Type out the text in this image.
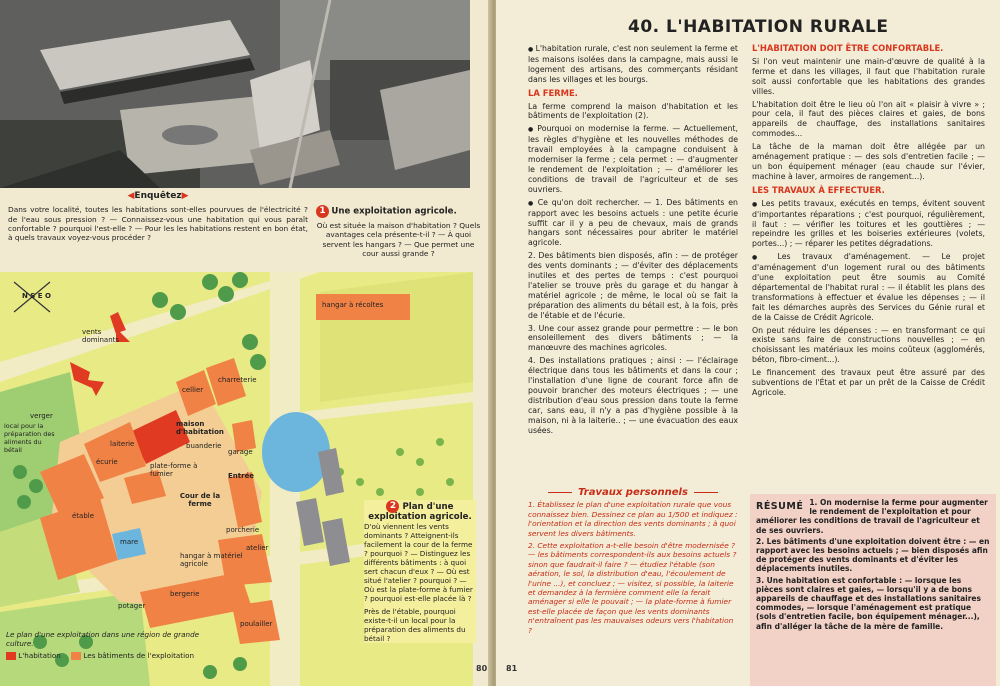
◀Enquêtez▶

Dans votre localité, toutes les habitations sont-elles pourvues de l'électricité ? de l'eau sous pression ? — Connaissez-vous une habitation qui vous paraît confortable ? pourquoi l'est-elle ? — Pour les les habitations restent en bon état, à quels travaux voyez-vous procéder ?

1 Une exploitation agricole.

Où est située la maison d'habitation ? Quels avantages cela présente-t-il ? — À quoi servent les hangars ? — Que permet une cour aussi grande ?

N S E O
vents dominants
hangar à récoltes
cellier
charreterie
maison d'habitation
buanderie
laiterie
écurie
local pour la préparation des aliments du bétail
plate-forme à fumier
garage
Entrée
Cour de la ferme
étable
porcherie
atelier
mare
hangar à matériel agricole
potager
bergerie
poulailler
verger
2 Plan d'une exploitation agricole.
D'où viennent les vents dominants ? Atteignent-ils facilement la cour de la ferme ? pourquoi ? — Distinguez les différents bâtiments : à quoi sert chacun d'eux ? — Où est situé l'atelier ? pourquoi ? — Où est la plate-forme à fumier ? pourquoi est-elle placée là ?
Près de l'étable, pourquoi existe-t-il un local pour la préparation des aliments du bétail ?
Le plan d'une exploitation dans une région de grande culture.
L'habitation	Les bâtiments de l'exploitation
80
40. L'HABITATION RURALE

● L'habitation rurale, c'est non seulement la ferme et les maisons isolées dans la campagne, mais aussi le logement des artisans, des commerçants résidant dans les villages et les bourgs.

LA FERME.

La ferme comprend la maison d'habitation et les bâtiments de l'exploitation (2).

● Pourquoi on modernise la ferme. — Actuellement, les règles d'hygiène et les nouvelles méthodes de travail employées à la campagne conduisent à moderniser la ferme ; cela permet : — d'augmenter le rendement de l'exploitation ; — d'améliorer les conditions de travail de l'agriculteur et de ses ouvriers.

● Ce qu'on doit rechercher. — 1. Des bâtiments en rapport avec les besoins actuels : une petite écurie suffit car il y a peu de chevaux, mais de grands hangars sont nécessaires pour abriter le matériel agricole.

2. Des bâtiments bien disposés, afin : — de protéger des vents dominants ; — d'éviter des déplacements inutiles et des pertes de temps : c'est pourquoi l'atelier se trouve près du garage et du hangar à matériel agricole ; de même, le local où se fait la préparation des aliments du bétail est, à la fois, près de l'étable et de l'écurie.

3. Une cour assez grande pour permettre : — le bon ensoleillement des divers bâtiments ; — la manœuvre des machines agricoles.

4. Des installations pratiques ; ainsi : — l'éclairage électrique dans tous les bâtiments et dans la cour ; l'installation d'une ligne de courant force afin de pouvoir brancher des moteurs électriques ; — une distribution d'eau sous pression dans toute la ferme car, sans eau, il n'y a pas d'hygiène possible à la maison, ni à la laiterie.. ; — une évacuation des eaux usées.

L'HABITATION DOIT ÊTRE CONFORTABLE.

Si l'on veut maintenir une main-d'œuvre de qualité à la ferme et dans les villages, il faut que l'habitation rurale soit aussi confortable que les habitations des grandes villes.

L'habitation doit être le lieu où l'on ait « plaisir à vivre » ; pour cela, il faut des pièces claires et gaies, de bons appareils de chauffage, des installations sanitaires commodes...

La tâche de la maman doit être allégée par un aménagement pratique : — des sols d'entretien facile ; — un bon équipement ménager (eau chaude sur l'évier, machine à laver, armoires de rangement...).

LES TRAVAUX À EFFECTUER.

● Les petits travaux, exécutés en temps, évitent souvent d'importantes réparations ; c'est pourquoi, régulièrement, il faut : — vérifier les toitures et les gouttières ; — repeindre les grilles et les boiseries extérieures (volets, portes...) ; — réparer les petites dégradations.

● Les travaux d'aménagement. — Le projet d'aménagement d'un logement rural ou des bâtiments d'une exploitation peut être soumis au Comité départemental de l'habitat rural : — il établit les plans des transformations à effectuer et évalue les dépenses ; — il fait les démarches auprès des Services du Génie rural et de la Caisse de Crédit Agricole.

On peut réduire les dépenses : — en transformant ce qui existe sans faire de constructions nouvelles ; — en choisissant les matériaux les moins coûteux (agglomérés, béton, fibro-ciment...).

Le financement des travaux peut être assuré par des subventions de l'État et par un prêt de la Caisse de Crédit Agricole.

Travaux personnels

1. Établissez le plan d'une exploitation rurale que vous connaissez bien. Dessinez ce plan au 1/500 et indiquez : l'orientation et la direction des vents dominants ; à quoi servent les divers bâtiments.

2. Cette exploitation a-t-elle besoin d'être modernisée ? — les bâtiments correspondent-ils aux besoins actuels ? sinon que faudrait-il faire ? — étudiez l'étable (son aération, le sol, la distribution d'eau, l'écoulement de l'urine ...), et concluez ; — visitez, si possible, la laiterie et demandez à la fermière comment elle la ferait aménager si elle le pouvait ; — la plate-forme à fumier est-elle placée de façon que les vents dominants n'entraînent pas les mauvaises odeurs vers l'habitation ?

RÉSUMÉ 1. On modernise la ferme pour augmenter le rendement de l'exploitation et pour améliorer les conditions de travail de l'agriculteur et de ses ouvriers.

2. Les bâtiments d'une exploitation doivent être : — en rapport avec les besoins actuels ; — bien disposés afin de protéger des vents dominants et d'éviter les déplacements inutiles.

3. Une habitation est confortable : — lorsque les pièces sont claires et gaies, — lorsqu'il y a de bons appareils de chauffage et des installations sanitaires commodes, — lorsque l'aménagement est pratique (sols d'entretien facile, bon équipement ménager...), afin d'alléger la tâche de la mère de famille.

81
